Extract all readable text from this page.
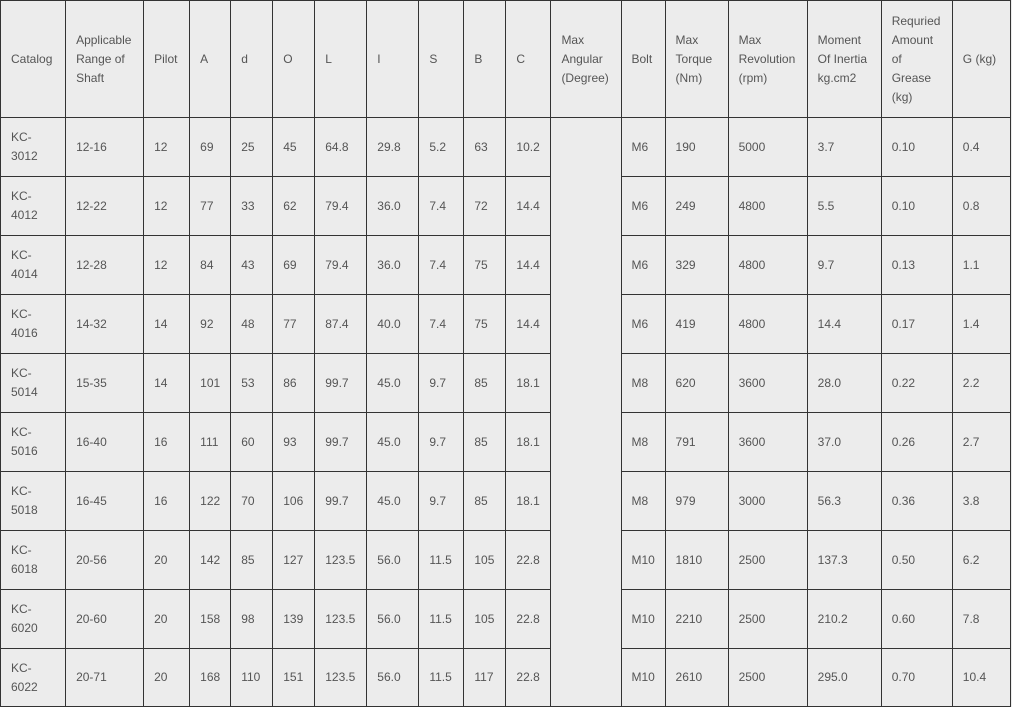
Catalog	Applicable
Range of
Shaft	Pilot	A	d	O	L	I	S	B	C	Max
Angular
(Degree)	Bolt	Max
Torque
(Nm)	Max
Revolution
(rpm)	Moment
Of Inertia
kg.cm2	Requried
Amount
of
Grease
(kg)	G (kg)
KC-
3012	12-16	12	69	25	45	64.8	29.8	5.2	63	10.2		M6	190	5000	3.7	0.10	0.4
KC-
4012	12-22	12	77	33	62	79.4	36.0	7.4	72	14.4		M6	249	4800	5.5	0.10	0.8
KC-
4014	12-28	12	84	43	69	79.4	36.0	7.4	75	14.4		M6	329	4800	9.7	0.13	1.1
KC-
4016	14-32	14	92	48	77	87.4	40.0	7.4	75	14.4		M6	419	4800	14.4	0.17	1.4
KC-
5014	15-35	14	101	53	86	99.7	45.0	9.7	85	18.1		M8	620	3600	28.0	0.22	2.2
KC-
5016	16-40	16	111	60	93	99.7	45.0	9.7	85	18.1		M8	791	3600	37.0	0.26	2.7
KC-
5018	16-45	16	122	70	106	99.7	45.0	9.7	85	18.1		M8	979	3000	56.3	0.36	3.8
KC-
6018	20-56	20	142	85	127	123.5	56.0	11.5	105	22.8		M10	1810	2500	137.3	0.50	6.2
KC-
6020	20-60	20	158	98	139	123.5	56.0	11.5	105	22.8		M10	2210	2500	210.2	0.60	7.8
KC-
6022	20-71	20	168	110	151	123.5	56.0	11.5	117	22.8		M10	2610	2500	295.0	0.70	10.4
